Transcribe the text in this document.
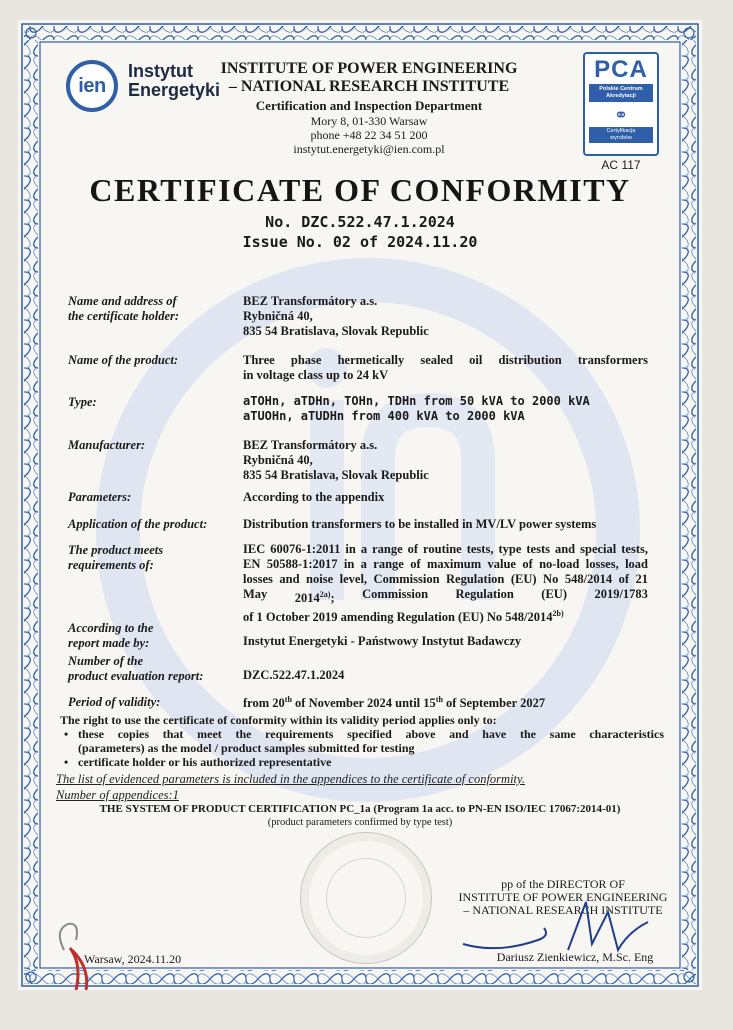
ien
Instytut
Energetyki
INSTITUTE OF POWER ENGINEERING
– NATIONAL RESEARCH INSTITUTE
Certification and Inspection Department
Mory 8, 01-330 Warsaw
phone +48 22 34 51 200
instytut.energetyki@ien.com.pl
PCA
Polskie Centrum
Akredytacji
⚭
Certyfikacja
wyrobów
AC 117
CERTIFICATE OF CONFORMITY
No. DZC.522.47.1.2024
Issue No. 02 of 2024.11.20
Name and address of
the certificate holder:
BEZ Transformátory a.s.
Rybničná 40,
835 54 Bratislava, Slovak Republic
Name of the product:	Three phase hermetically sealed oil distribution transformers
in voltage class up to 24 kV
Type:	aTOHn, aTDHn, TOHn, TDHn from 50 kVA to 2000 kVA
aTUOHn, aTUDHn from 400 kVA to 2000 kVA
Manufacturer:	BEZ Transformátory a.s.
Rybničná 40,
835 54 Bratislava, Slovak Republic
Parameters:	According to the appendix
Application of the product:	Distribution transformers to be installed in MV/LV power systems
The product meets
requirements of:
IEC 60076-1:2011 in a range of routine tests, type tests and special tests,
EN 50588-1:2017 in a range of maximum value of no-load losses, load
losses and noise level, Commission Regulation (EU) No 548/2014 of 21
May $2014^{2a)}$; Commission Regulation (EU) 2019/1783
of 1 October 2019 amending Regulation (EU) No $548/2014^{2b)}$
According to the
report made by:	Instytut Energetyki - Państwowy Instytut Badawczy
Number of the
product evaluation report:	DZC.522.47.1.2024
Period of validity:	from 20th of November 2024 until 15th of September 2027
The right to use the certificate of conformity within its validity period applies only to:
• these copies that meet the requirements specified above and have the same characteristics
(parameters) as the model / product samples submitted for testing
• certificate holder or his authorized representative
The list of evidenced parameters is included in the appendices to the certificate of conformity.
Number of appendices:1
THE SYSTEM OF PRODUCT CERTIFICATION PC_1a (Program 1a acc. to PN-EN ISO/IEC 17067:2014-01)
(product parameters confirmed by type test)
pp of the DIRECTOR OF
INSTITUTE OF POWER ENGINEERING
– NATIONAL RESEARCH INSTITUTE
Dariusz Zienkiewicz, M.Sc. Eng
Warsaw, 2024.11.20
